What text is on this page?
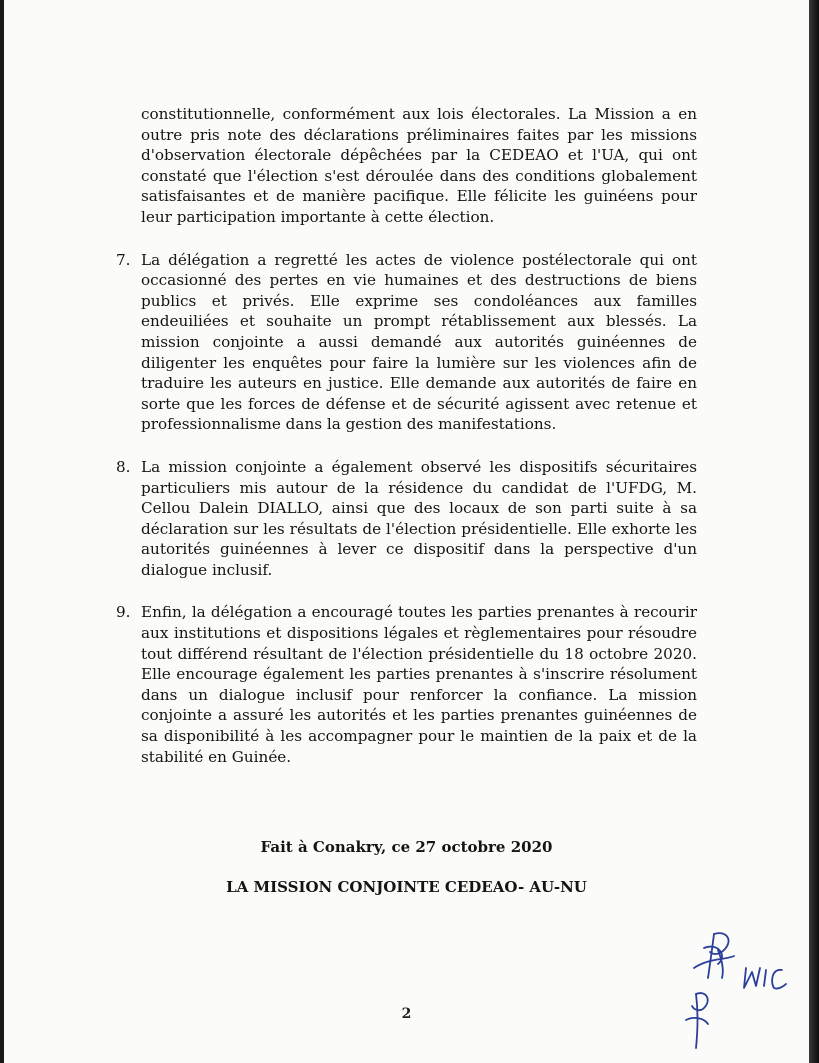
constitutionnelle, conformément aux lois électorales. La Mission a en outre pris note des déclarations préliminaires faites par les missions d'observation électorale dépêchées par la CEDEAO et l'UA, qui ont constaté que l'élection s'est déroulée dans des conditions globalement satisfaisantes et de manière pacifique. Elle félicite les guinéens pour leur participation importante à cette élection.

7. La délégation a regretté les actes de violence postélectorale qui ont occasionné des pertes en vie humaines et des destructions de biens publics et privés. Elle exprime ses condoléances aux familles endeuiliées et souhaite un prompt rétablissement aux blessés. La mission conjointe a aussi demandé aux autorités guinéennes de diligenter les enquêtes pour faire la lumière sur les violences afin de traduire les auteurs en justice. Elle demande aux autorités de faire en sorte que les forces de défense et de sécurité agissent avec retenue et professionnalisme dans la gestion des manifestations.
8. La mission conjointe a également observé les dispositifs sécuritaires particuliers mis autour de la résidence du candidat de l'UFDG, M. Cellou Dalein DIALLO, ainsi que des locaux de son parti suite à sa déclaration sur les résultats de l'élection présidentielle. Elle exhorte les autorités guinéennes à lever ce dispositif dans la perspective d'un dialogue inclusif.
9. Enfin, la délégation a encouragé toutes les parties prenantes à recourir aux institutions et dispositions légales et règlementaires pour résoudre tout différend résultant de l'élection présidentielle du 18 octobre 2020. Elle encourage également les parties prenantes à s'inscrire résolument dans un dialogue inclusif pour renforcer la confiance. La mission conjointe a assuré les autorités et les parties prenantes guinéennes de sa disponibilité à les accompagner pour le maintien de la paix et de la stabilité en Guinée.
Fait à Conakry, ce 27 octobre 2020
LA MISSION CONJOINTE CEDEAO- AU-NU
2
